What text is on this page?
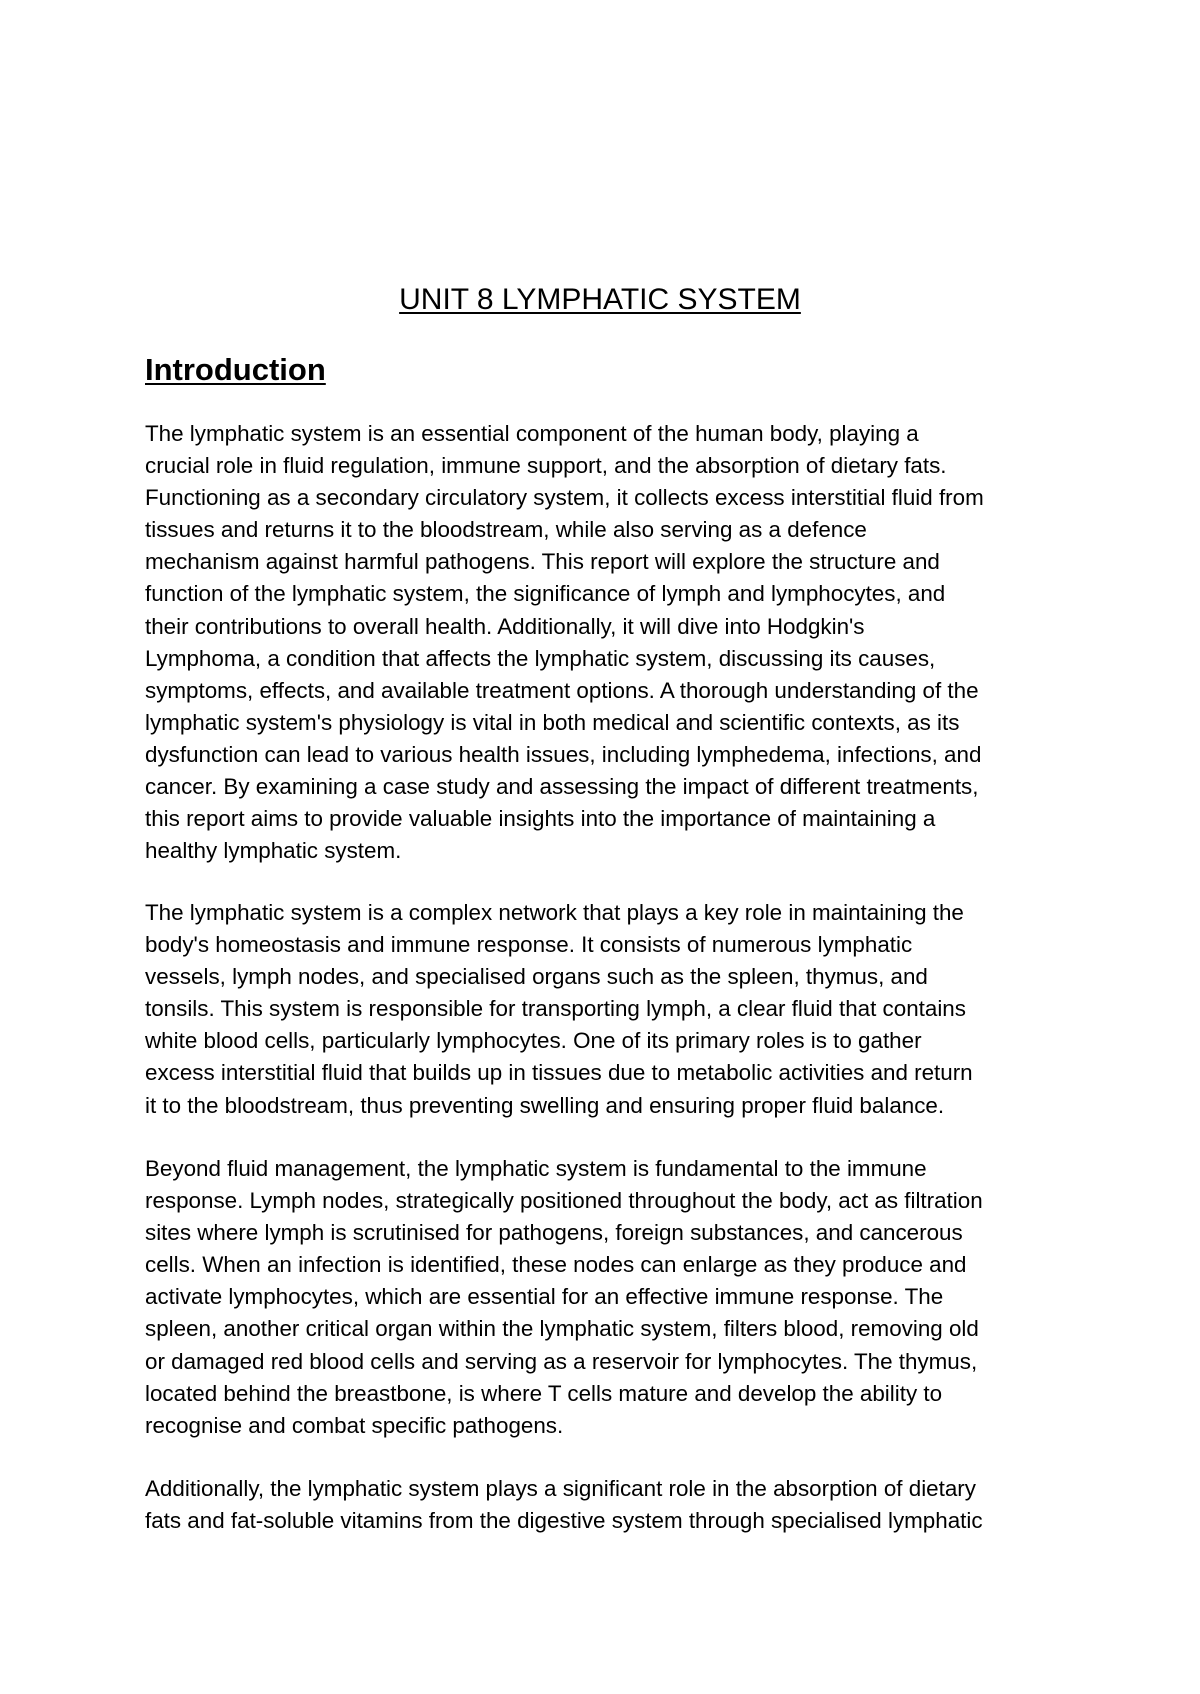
UNIT 8 LYMPHATIC SYSTEM
Introduction

The lymphatic system is an essential component of the human body, playing a
crucial role in fluid regulation, immune support, and the absorption of dietary fats.
Functioning as a secondary circulatory system, it collects excess interstitial fluid from
tissues and returns it to the bloodstream, while also serving as a defence
mechanism against harmful pathogens. This report will explore the structure and
function of the lymphatic system, the significance of lymph and lymphocytes, and
their contributions to overall health. Additionally, it will dive into Hodgkin's
Lymphoma, a condition that affects the lymphatic system, discussing its causes,
symptoms, effects, and available treatment options. A thorough understanding of the
lymphatic system's physiology is vital in both medical and scientific contexts, as its
dysfunction can lead to various health issues, including lymphedema, infections, and
cancer. By examining a case study and assessing the impact of different treatments,
this report aims to provide valuable insights into the importance of maintaining a
healthy lymphatic system.

The lymphatic system is a complex network that plays a key role in maintaining the
body's homeostasis and immune response. It consists of numerous lymphatic
vessels, lymph nodes, and specialised organs such as the spleen, thymus, and
tonsils. This system is responsible for transporting lymph, a clear fluid that contains
white blood cells, particularly lymphocytes. One of its primary roles is to gather
excess interstitial fluid that builds up in tissues due to metabolic activities and return
it to the bloodstream, thus preventing swelling and ensuring proper fluid balance.

Beyond fluid management, the lymphatic system is fundamental to the immune
response. Lymph nodes, strategically positioned throughout the body, act as filtration
sites where lymph is scrutinised for pathogens, foreign substances, and cancerous
cells. When an infection is identified, these nodes can enlarge as they produce and
activate lymphocytes, which are essential for an effective immune response. The
spleen, another critical organ within the lymphatic system, filters blood, removing old
or damaged red blood cells and serving as a reservoir for lymphocytes. The thymus,
located behind the breastbone, is where T cells mature and develop the ability to
recognise and combat specific pathogens.

Additionally, the lymphatic system plays a significant role in the absorption of dietary
fats and fat-soluble vitamins from the digestive system through specialised lymphatic
